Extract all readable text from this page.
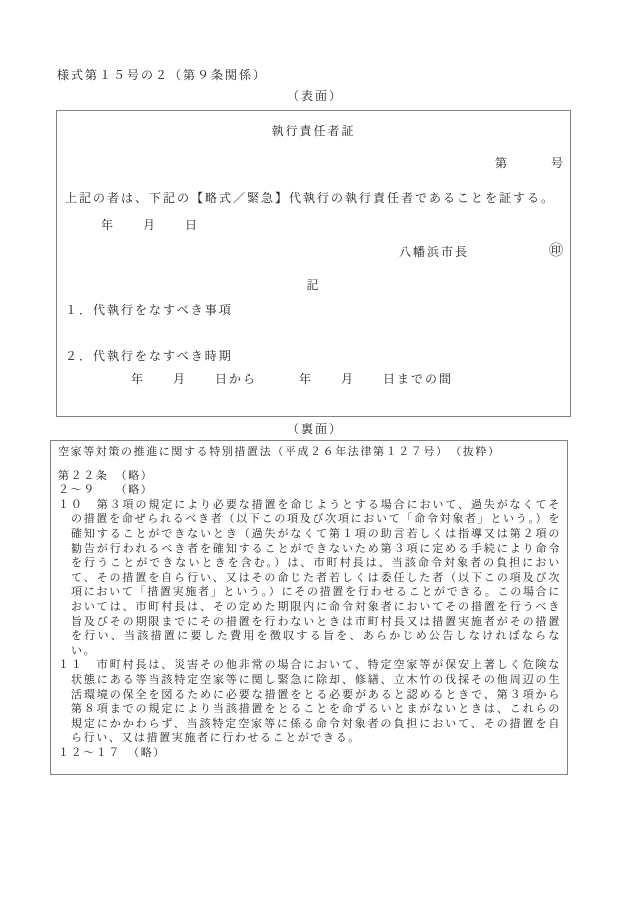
様式第１５号の２（第９条関係）
（表面）
執行責任者証
第　　　号
上記の者は、下記の【略式／緊急】代執行の執行責任者であることを証する。
年　　月　　日
八幡浜市長	㊞
記
１．代執行をなすべき事項
２．代執行をなすべき時期
年　　月　　日から　　　年　　月　　日までの間
（裏面）
空家等対策の推進に関する特別措置法（平成２６年法律第１２７号）　（抜粋）
第２２条　（略）
２～９　　（略）

１０　第３項の規定により必要な措置を命じようとする場合において、過失がなくてその措置を命ぜられるべき者（以下この項及び次項において「命令対象者」という。）を確知することができないとき（過失がなくて第１項の助言若しくは指導又は第２項の勧告が行われるべき者を確知することができないため第３項に定める手続により命令を行うことができないときを含む。）は、市町村長は、当該命令対象者の負担において、その措置を自ら行い、又はその命じた者若しくは委任した者（以下この項及び次項において「措置実施者」という。）にその措置を行わせることができる。この場合においては、市町村長は、その定めた期限内に命令対象者においてその措置を行うべき旨及びその期限までにその措置を行わないときは市町村長又は措置実施者がその措置を行い、当該措置に要した費用を徴収する旨を、あらかじめ公告しなければならない。

１１　市町村長は、災害その他非常の場合において、特定空家等が保安上著しく危険な状態にある等当該特定空家等に関し緊急に除却、修繕、立木竹の伐採その他周辺の生活環境の保全を図るために必要な措置をとる必要があると認めるときで、第３項から第８項までの規定により当該措置をとることを命ずるいとまがないときは、これらの規定にかかわらず、当該特定空家等に係る命令対象者の負担において、その措置を自ら行い、又は措置実施者に行わせることができる。

１２～１７　（略）
